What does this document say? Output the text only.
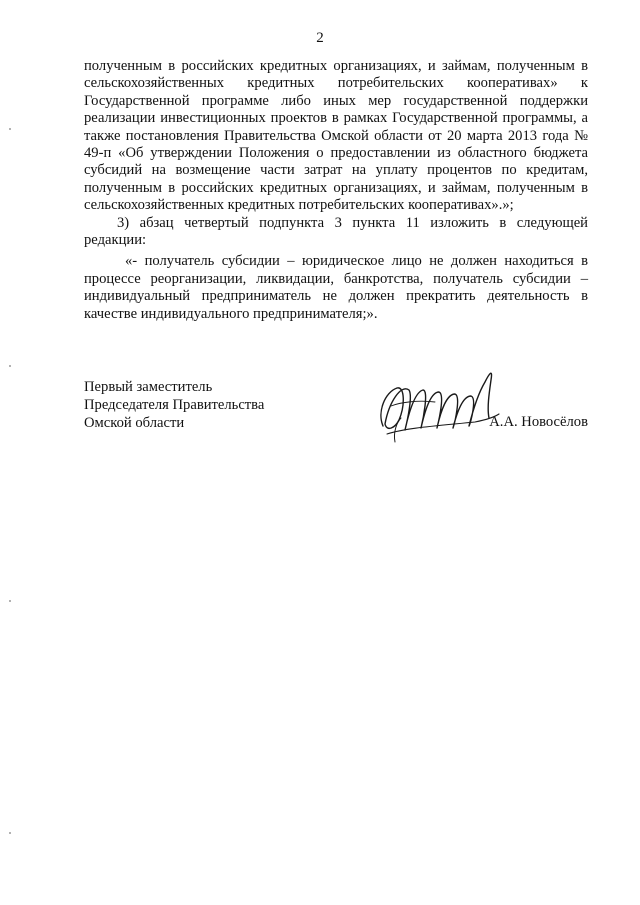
2

полученным в российских кредитных организациях, и займам, полученным в сельскохозяйственных кредитных потребительских кооперативах» к Государственной программе либо иных мер государственной поддержки реализации инвестиционных проектов в рамках Государственной программы, а также постановления Правительства Омской области от 20 марта 2013 года № 49-п «Об утверждении Положения о предоставлении из областного бюджета субсидий на возмещение части затрат на уплату процентов по кредитам, полученным в российских кредитных организациях, и займам, полученным в сельскохозяйственных кредитных потребительских кооперативах».»;

3) абзац четвертый подпункта 3 пункта 11 изложить в следующей редакции:

«- получатель субсидии – юридическое лицо не должен находиться в процессе реорганизации, ликвидации, банкротства, получатель субсидии – индивидуальный предприниматель не должен прекратить деятельность в качестве индивидуального предпринимателя;».

Первый заместитель
Председателя Правительства
Омской области	А.А. Новосёлов
